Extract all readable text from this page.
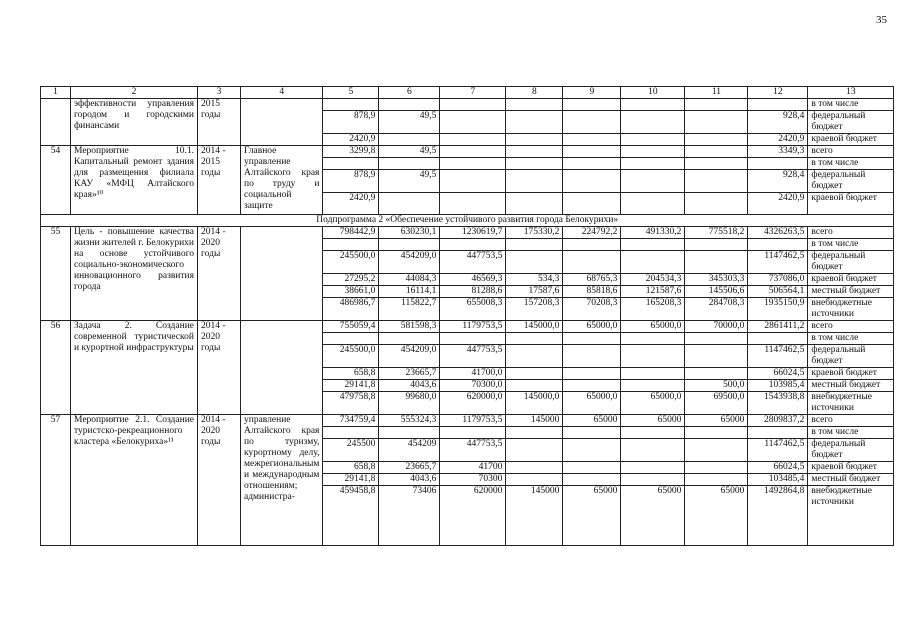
35
1	2	3	4	5	6	7	8	9	10	11	12	13
	эффективности управления городом и городскими финансами	2015 годы										в том числе
				878,9	49,5						928,4	федеральный бюджет
				2420,9							2420,9	краевой бюджет
54	Мероприятие 10.1. Капитальный ремонт здания для размещения филиала КАУ «МФЦ Алтайского края»¹⁰	2014 - 2015 годы	Главное управление Алтайского края по труду и социальной защите	3299,8	49,5						3349,3	всего
												в том числе
				878,9	49,5						928,4	федеральный бюджет
				2420,9							2420,9	краевой бюджет
Подпрограмма 2 «Обеспечение устойчивого развития города Белокурихи»												
55	Цель - повышение качества жизни жителей г. Белокурихи на основе устойчивого социально-экономического инновационного развития города	2014 - 2020 годы		798442,9	630230,1	1230619,7	175330,2	224792,2	491330,2	775518,2	4326263,5	всего
												в том числе
				245500,0	454209,0	447753,5					1147462,5	федеральный бюджет
				27295,2	44084,3	46569,3	534,3	68765,3	204534,3	345303,3	737086,0	краевой бюджет
				38661,0	16114,1	81288,6	17587,6	85818,6	121587,6	145506,6	506564,1	местный бюджет
				486986,7	115822,7	655008,3	157208,3	70208,3	165208,3	284708,3	1935150,9	внебюджетные источники
56	Задача 2. Создание современной туристической и курортной инфраструктуры	2014 - 2020 годы		755059,4	581598,3	1179753,5	145000,0	65000,0	65000,0	70000,0	2861411,2	всего
												в том числе
				245500,0	454209,0	447753,5					1147462,5	федеральный бюджет
				658,8	23665,7	41700,0					66024,5	краевой бюджет
				29141,8	4043,6	70300,0				500,0	103985,4	местный бюджет
				479758,8	99680,0	620000,0	145000,0	65000,0	65000,0	69500,0	1543938,8	внебюджетные источники
57	Мероприятие 2.1. Создание туристско-рекреационного кластера «Белокуриха»¹¹	2014 - 2020 годы	управление Алтайского края по туризму, курортному делу, межрегиональным и международным отношениям; администра-	734759,4	555324,3	1179753,5	145000	65000	65000	65000	2809837,2	всего
												в том числе
				245500	454209	447753,5					1147462,5	федеральный бюджет
				658,8	23665,7	41700					66024,5	краевой бюджет
				29141,8	4043,6	70300					103485,4	местный бюджет
				459458,8	73406	620000	145000	65000	65000	65000	1492864,8	внебюджетные источники
